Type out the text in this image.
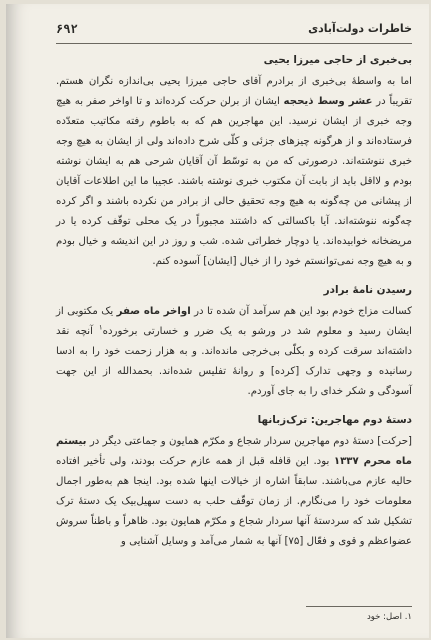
خاطرات دولت‌آبادی
۶۹۲
بی‌خبری از حاجی میرزا یحیی

اما به واسطهٔ بی‌خبری از برادرم آقای حاجی میرزا یحیی بی‌اندازه نگران هستم. تقریباً در عشر وسط ذیحجه ایشان از برلن حرکت کرده‌اند و تا اواخر صفر به هیچ وجه خبری از ایشان نرسید. این مهاجرین هم که به باطوم رفته مکاتیب متعدّده فرستاده‌اند و از هرگونه چیزهای جزئی و کلّی شرح داده‌اند ولی از ایشان به هیچ وجه خبری ننوشته‌اند. درصورتی که من به توسّط آن آقایان شرحی هم به ایشان نوشته بودم و لااقل باید از بابت آن مکتوب خبری نوشته باشند. عجیبا ما این اطلاعات آقایان از پیشانی من چه‌گونه به هیچ وجه تحقیق حالی از برادر من نکرده باشند و اگر کرده چه‌گونه ننوشته‌اند. آیا باکسالتی که داشتند مجبوراً در یک محلی توقّف کرده یا در مریضخانه خوابیده‌اند. یا دوچار خطراتی شده. شب و روز در این اندیشه و خیال بودم و به هیچ وجه نمی‌توانستم خود را از خیال [ایشان] آسوده کنم.

رسیدن نامهٔ برادر

کسالت مزاج خودم بود این هم سرآمد آن شده تا در اواخر ماه صفر یک مکتوبی از ایشان رسید و معلوم شد در ورشو به یک ضرر و خسارتی برخورده$^۱$ آنچه نقد داشته‌اند سرقت کرده و بکلّی بی‌خرجی مانده‌اند. و به هزار زحمت خود را به ادسا رسانیده و وجهی تدارک [کرده] و روانهٔ تفلیس شده‌اند. بحمدالله از این جهت آسودگی و شکر خدای را به جای آوردم.

دستهٔ دوم مهاجرین: ترک‌زبانها

[حرکت] دستهٔ دوم مهاجرین سردار شجاع و مکرّم همایون و جماعتی دیگر در بیستم ماه محرم ۱۳۳۷ بود. این قافله قبل از همه عازم حرکت بودند، ولی تأخیر افتاده حالیه عازم می‌باشند. سابقاً اشاره از خیالات اینها شده بود. اینجا هم به‌طور اجمال معلومات خود را می‌نگارم. از زمان توقّف حلب به دست سهیل‌بیک یک دستهٔ ترک تشکیل شد که سردستهٔ آنها سردار شجاع و مکرّم همایون بود. ظاهراً و باطناً سروش عضواعظم و قوی و فعّال [۷۵] آنها به شمار می‌آمد و وسایل آشنایی و

۱. اصل: خود
